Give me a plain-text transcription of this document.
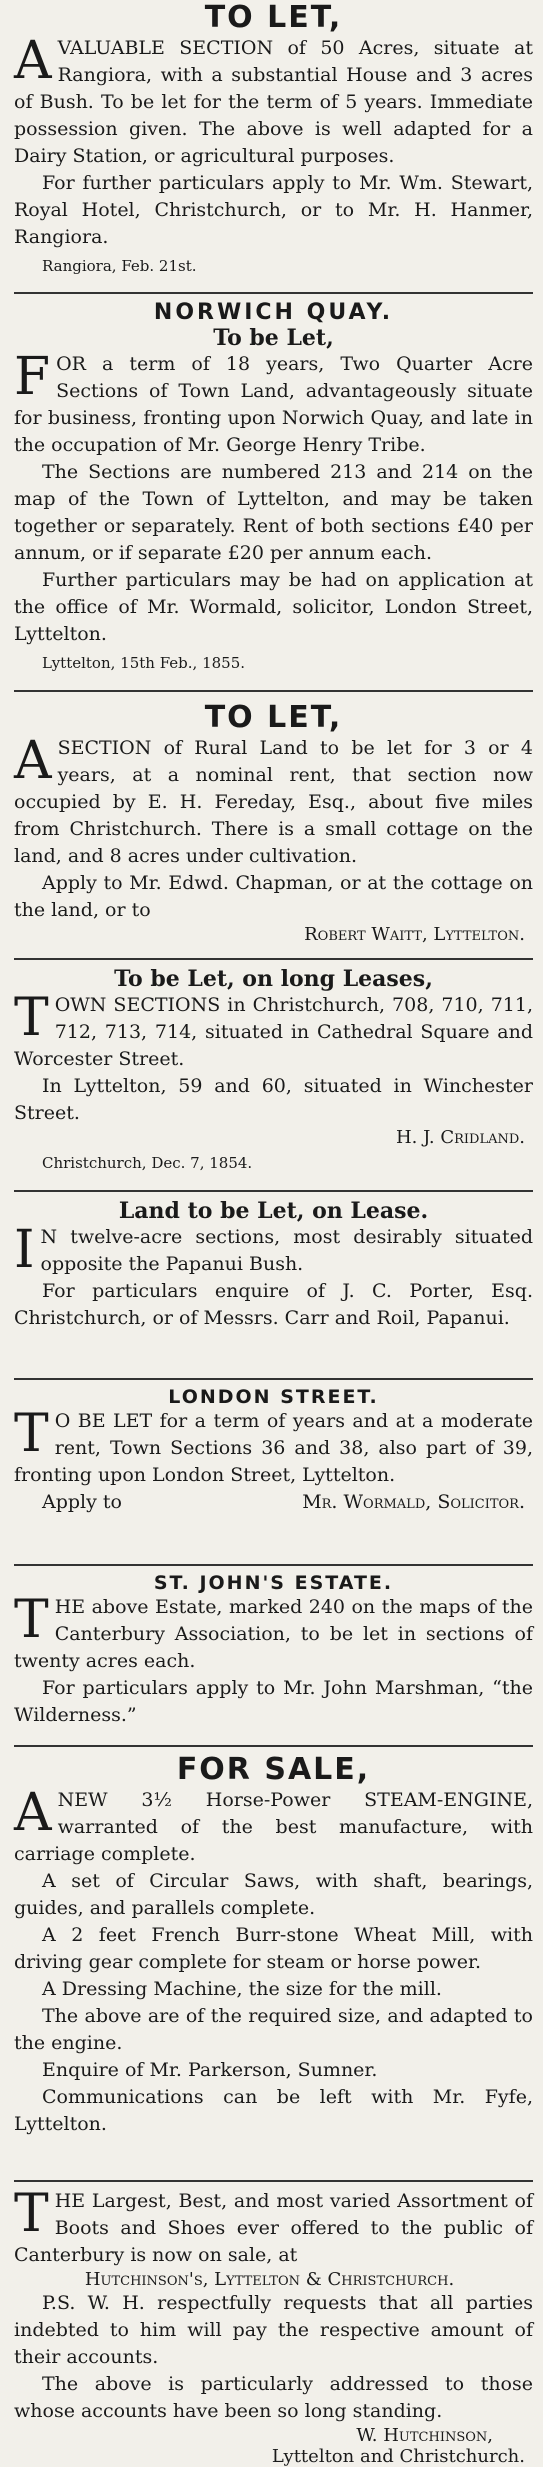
TO LET,

AVALUABLE SECTION of 50 Acres, situate at Rangiora, with a substantial House and 3 acres of Bush. To be let for the term of 5 years. Immediate possession given. The above is well adapted for a Dairy Station, or agricultural purposes.

For further particulars apply to Mr. Wm. Stewart, Royal Hotel, Christchurch, or to Mr. H. Hanmer, Rangiora.

Rangiora, Feb. 21st.

NORWICH QUAY.
To be Let,

FOR a term of 18 years, Two Quarter Acre Sections of Town Land, advantageously situate for business, fronting upon Norwich Quay, and late in the occupation of Mr. George Henry Tribe.

The Sections are numbered 213 and 214 on the map of the Town of Lyttelton, and may be taken together or separately. Rent of both sections £40 per annum, or if separate £20 per annum each.

Further particulars may be had on application at the office of Mr. Wormald, solicitor, London Street, Lyttelton.

Lyttelton, 15th Feb., 1855.

TO LET,

ASECTION of Rural Land to be let for 3 or 4 years, at a nominal rent, that section now occupied by E. H. Fereday, Esq., about five miles from Christchurch. There is a small cottage on the land, and 8 acres under cultivation.

Apply to Mr. Edwd. Chapman, or at the cottage on the land, or to

Robert Waitt, Lyttelton.
To be Let, on long Leases,

TOWN SECTIONS in Christchurch, 708, 710, 711, 712, 713, 714, situated in Cathedral Square and Worcester Street.

In Lyttelton, 59 and 60, situated in Winchester Street.

H. J. Cridland.

Christchurch, Dec. 7, 1854.

Land to be Let, on Lease.

I N twelve-acre sections, most desirably situated opposite the Papanui Bush.

For particulars enquire of J. C. Porter, Esq. Christchurch, or of Messrs. Carr and Roil, Papanui.

LONDON STREET.

T O BE LET for a term of years and at a moderate rent, Town Sections 36 and 38, also part of 39, fronting upon London Street, Lyttelton.

Apply to	Mr. Wormald, Solicitor.

ST. JOHN'S ESTATE.

THE above Estate, marked 240 on the maps of the Canterbury Association, to be let in sections of twenty acres each.

For particulars apply to Mr. John Marshman, “the Wilderness.”

FOR SALE,

ANEW 3½ Horse-Power STEAM-ENGINE, warranted of the best manufacture, with carriage complete.

A set of Circular Saws, with shaft, bearings, guides, and parallels complete.

A 2 feet French Burr-stone Wheat Mill, with driving gear complete for steam or horse power.

A Dressing Machine, the size for the mill.

The above are of the required size, and adapted to the engine.

Enquire of Mr. Parkerson, Sumner.

Communications can be left with Mr. Fyfe, Lyttelton.

THE Largest, Best, and most varied Assortment of Boots and Shoes ever offered to the public of Canterbury is now on sale, at

Hutchinson's, Lyttelton & Christchurch.

P.S. W. H. respectfully requests that all parties indebted to him will pay the respective amount of their accounts.

The above is particularly addressed to those whose accounts have been so long standing.

W. Hutchinson,
Lyttelton and Christchurch.
